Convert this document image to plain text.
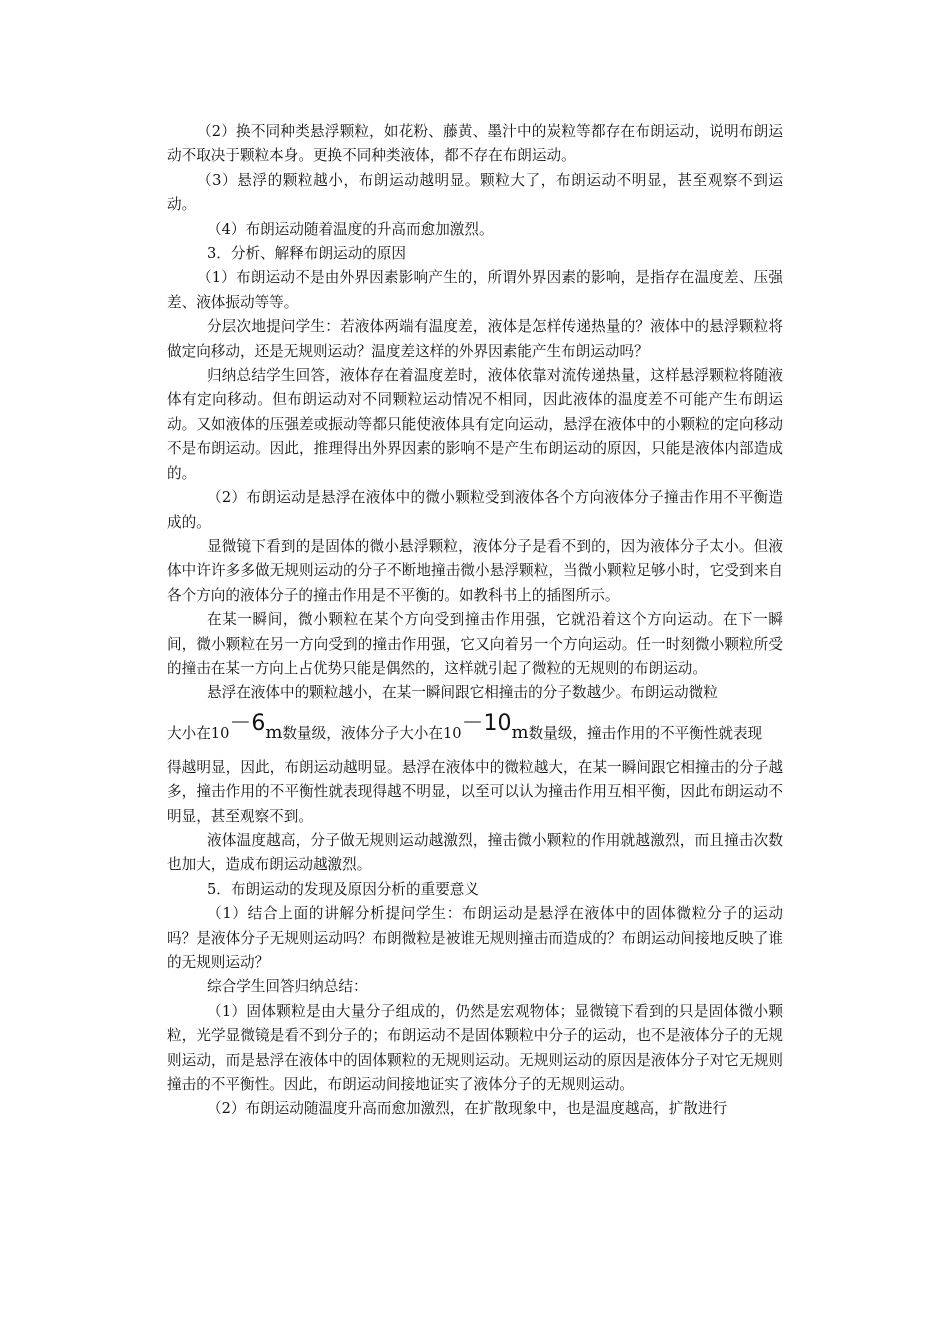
（2）换不同种类悬浮颗粒，如花粉、藤黄、墨汁中的炭粒等都存在布朗运动，说明布朗运动不取决于颗粒本身。更换不同种类液体，都不存在布朗运动。

（3）悬浮的颗粒越小，布朗运动越明显。颗粒大了，布朗运动不明显，甚至观察不到运动。

（4）布朗运动随着温度的升高而愈加激烈。

3．分析、解释布朗运动的原因

（1）布朗运动不是由外界因素影响产生的，所谓外界因素的影响，是指存在温度差、压强差、液体振动等等。

分层次地提问学生：若液体两端有温度差，液体是怎样传递热量的？液体中的悬浮颗粒将做定向移动，还是无规则运动？温度差这样的外界因素能产生布朗运动吗？

归纳总结学生回答，液体存在着温度差时，液体依靠对流传递热量，这样悬浮颗粒将随液体有定向移动。但布朗运动对不同颗粒运动情况不相同，因此液体的温度差不可能产生布朗运动。又如液体的压强差或振动等都只能使液体具有定向运动，悬浮在液体中的小颗粒的定向移动不是布朗运动。因此，推理得出外界因素的影响不是产生布朗运动的原因，只能是液体内部造成的。

（2）布朗运动是悬浮在液体中的微小颗粒受到液体各个方向液体分子撞击作用不平衡造成的。

显微镜下看到的是固体的微小悬浮颗粒，液体分子是看不到的，因为液体分子太小。但液体中许许多多做无规则运动的分子不断地撞击微小悬浮颗粒，当微小颗粒足够小时，它受到来自各个方向的液体分子的撞击作用是不平衡的。如教科书上的插图所示。

在某一瞬间，微小颗粒在某个方向受到撞击作用强，它就沿着这个方向运动。在下一瞬间，微小颗粒在另一方向受到的撞击作用强，它又向着另一个方向运动。任一时刻微小颗粒所受的撞击在某一方向上占优势只能是偶然的，这样就引起了微粒的无规则的布朗运动。

悬浮在液体中的颗粒越小，在某一瞬间跟它相撞击的分子数越少。布朗运动微粒

大小在10－6m数量级，液体分子大小在10－10m数量级，撞击作用的不平衡性就表现

得越明显，因此，布朗运动越明显。悬浮在液体中的微粒越大，在某一瞬间跟它相撞击的分子越多，撞击作用的不平衡性就表现得越不明显，以至可以认为撞击作用互相平衡，因此布朗运动不明显，甚至观察不到。

液体温度越高，分子做无规则运动越激烈，撞击微小颗粒的作用就越激烈，而且撞击次数也加大，造成布朗运动越激烈。

5．布朗运动的发现及原因分析的重要意义

（1）结合上面的讲解分析提问学生：布朗运动是悬浮在液体中的固体微粒分子的运动吗？是液体分子无规则运动吗？布朗微粒是被谁无规则撞击而造成的？布朗运动间接地反映了谁的无规则运动？

综合学生回答归纳总结：

（1）固体颗粒是由大量分子组成的，仍然是宏观物体；显微镜下看到的只是固体微小颗粒，光学显微镜是看不到分子的；布朗运动不是固体颗粒中分子的运动，也不是液体分子的无规则运动，而是悬浮在液体中的固体颗粒的无规则运动。无规则运动的原因是液体分子对它无规则撞击的不平衡性。因此，布朗运动间接地证实了液体分子的无规则运动。

（2）布朗运动随温度升高而愈加激烈，在扩散现象中，也是温度越高，扩散进行
